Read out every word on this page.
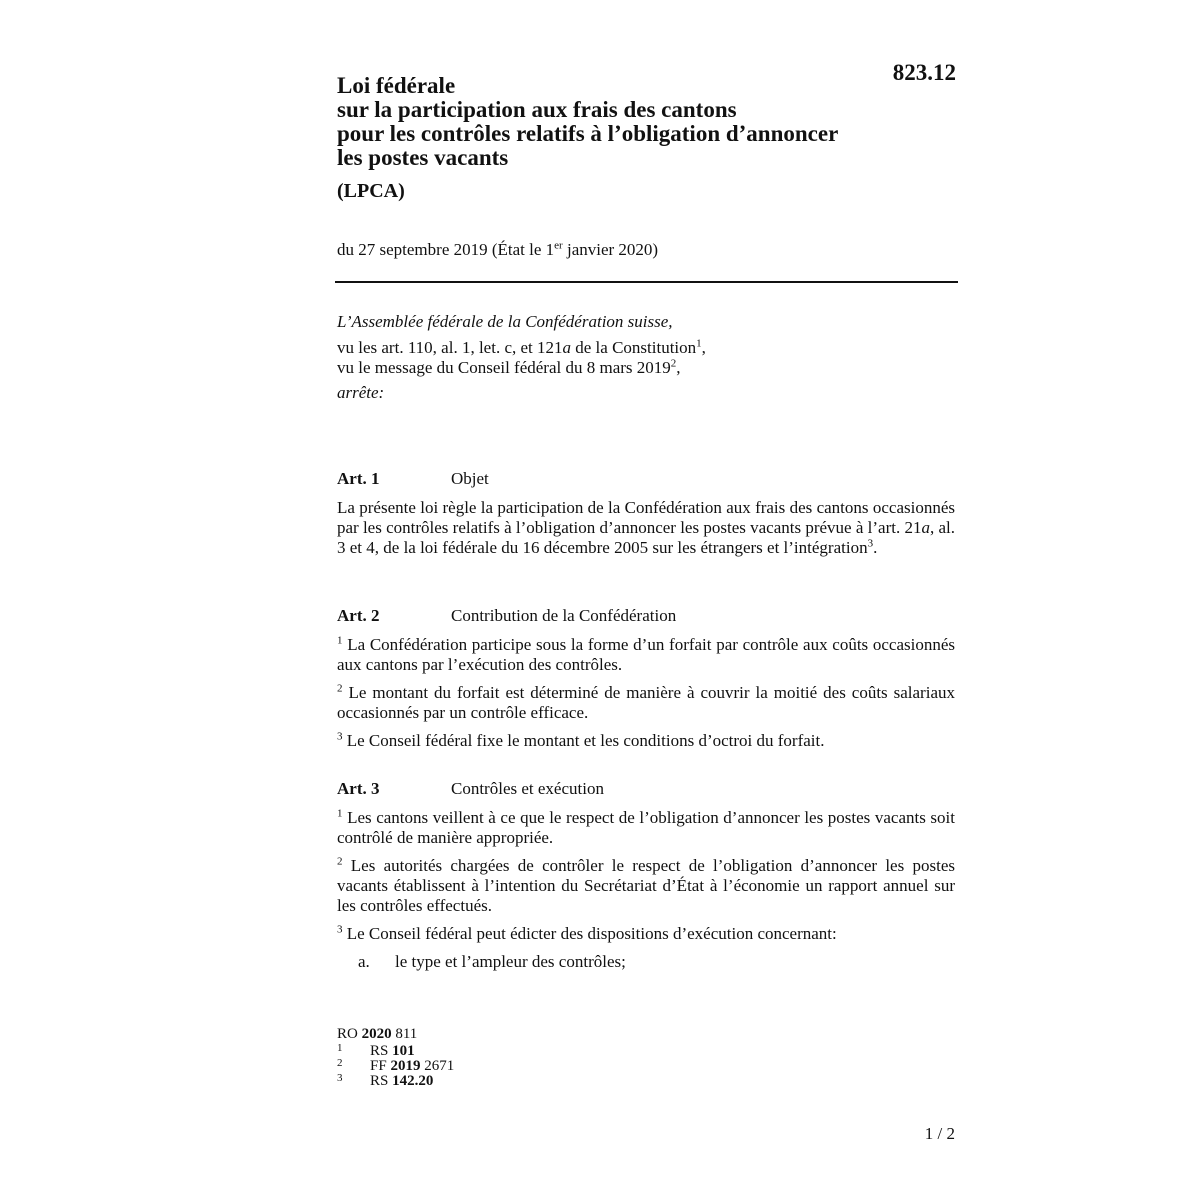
823.12
Loi fédérale
sur la participation aux frais des cantons
pour les contrôles relatifs à l’obligation d’annoncer
les postes vacants
(LPCA)
du 27 septembre 2019 (État le 1er janvier 2020)

L’Assemblée fédérale de la Confédération suisse,

vu les art. 110, al. 1, let. c, et 121a de la Constitution$^1$,

vu le message du Conseil fédéral du 8 mars 2019$^2$,

arrête:

Art. 1	Objet

La présente loi règle la participation de la Confédération aux frais des cantons occasionnés par les contrôles relatifs à l’obligation d’annoncer les postes vacants prévue à l’art. 21a, al. 3 et 4, de la loi fédérale du 16 décembre 2005 sur les étrangers et l’intégration$^3$.

Art. 2	Contribution de la Confédération

$^1$ La Confédération participe sous la forme d’un forfait par contrôle aux coûts occasionnés aux cantons par l’exécution des contrôles.

$^2$ Le montant du forfait est déterminé de manière à couvrir la moitié des coûts salariaux occasionnés par un contrôle efficace.

$^3$ Le Conseil fédéral fixe le montant et les conditions d’octroi du forfait.

Art. 3	Contrôles et exécution

$^1$ Les cantons veillent à ce que le respect de l’obligation d’annoncer les postes vacants soit contrôlé de manière appropriée.

$^2$ Les autorités chargées de contrôler le respect de l’obligation d’annoncer les postes vacants établissent à l’intention du Secrétariat d’État à l’économie un rapport annuel sur les contrôles effectués.

$^3$ Le Conseil fédéral peut édicter des dispositions d’exécution concernant:

a. le type et l’ampleur des contrôles;
RO 2020 811
1 RS 101
2 FF 2019 2671
3 RS 142.20
1 / 2
